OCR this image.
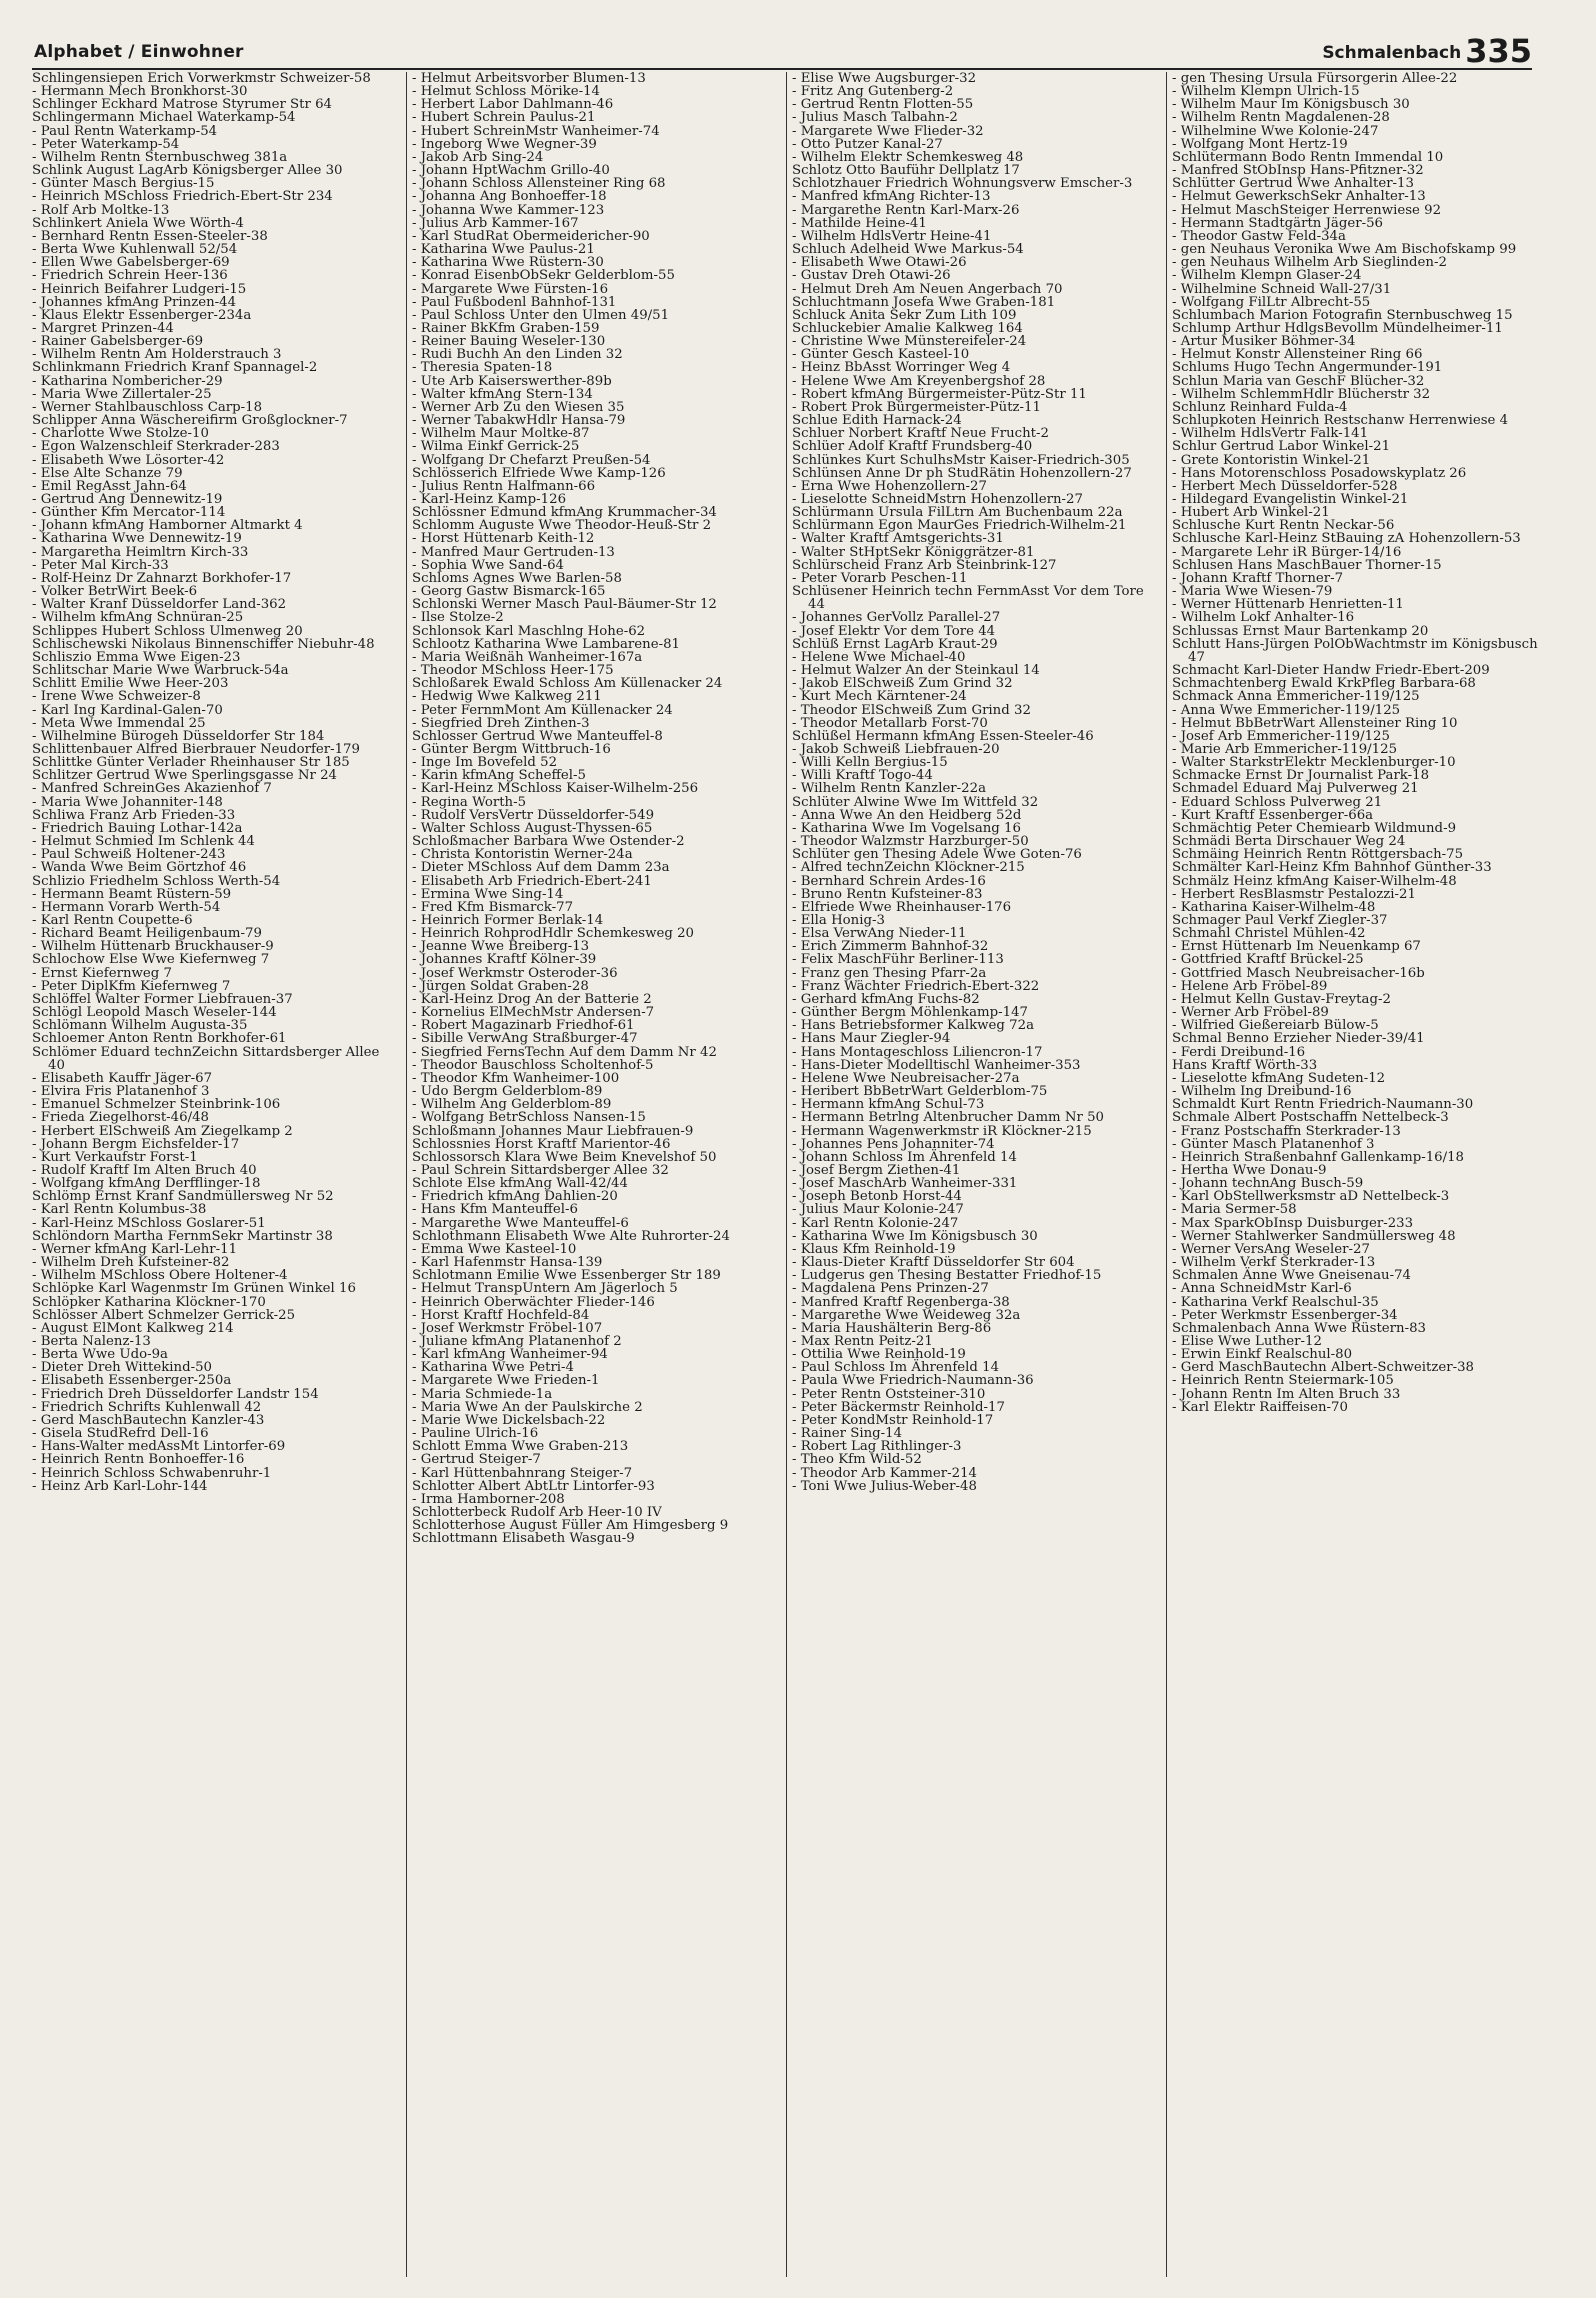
Alphabet / Einwohner	Schmalenbach 335
Schlingensiepen Erich Vorwerkmstr Schweizer-58
- Hermann Mech Bronkhorst-30
Schlinger Eckhard Matrose Styrumer Str 64
Schlingermann Michael Waterkamp-54
- Paul Rentn Waterkamp-54
- Peter Waterkamp-54
- Wilhelm Rentn Sternbuschweg 381a
Schlink August LagArb Königsberger Allee 30
- Günter Masch Bergius-15
- Heinrich MSchloss Friedrich-Ebert-Str 234
- Rolf Arb Moltke-13
Schlinkert Aniela Wwe Wörth-4
- Bernhard Rentn Essen-Steeler-38
- Berta Wwe Kuhlenwall 52/54
- Ellen Wwe Gabelsberger-69
- Friedrich Schrein Heer-136
- Heinrich Beifahrer Ludgeri-15
- Johannes kfmAng Prinzen-44
- Klaus Elektr Essenberger-234a
- Margret Prinzen-44
- Rainer Gabelsberger-69
- Wilhelm Rentn Am Holderstrauch 3
Schlinkmann Friedrich Kranf Spannagel-2
- Katharina Nombericher-29
- Maria Wwe Zillertaler-25
- Werner Stahlbauschloss Carp-18
Schlipper Anna Wäschereifirm Großglockner-7
- Charlotte Wwe Stolze-10
- Egon Walzenschleif Sterkrader-283
- Elisabeth Wwe Lösorter-42
- Else Alte Schanze 79
- Emil RegAsst Jahn-64
- Gertrud Ang Dennewitz-19
- Günther Kfm Mercator-114
- Johann kfmAng Hamborner Altmarkt 4
- Katharina Wwe Dennewitz-19
- Margaretha Heimltrn Kirch-33
- Peter Mal Kirch-33
- Rolf-Heinz Dr Zahnarzt Borkhofer-17
- Volker BetrWirt Beek-6
- Walter Kranf Düsseldorfer Land-362
- Wilhelm kfmAng Schnüran-25
Schlippes Hubert Schloss Ulmenweg 20
Schlischewski Nikolaus Binnenschiffer Niebuhr-48
Schliszio Emma Wwe Eigen-23
Schlitschar Marie Wwe Warbruck-54a
Schlitt Emilie Wwe Heer-203
- Irene Wwe Schweizer-8
- Karl Ing Kardinal-Galen-70
- Meta Wwe Immendal 25
- Wilhelmine Bürogeh Düsseldorfer Str 184
Schlittenbauer Alfred Bierbrauer Neudorfer-179
Schlittke Günter Verlader Rheinhauser Str 185
Schlitzer Gertrud Wwe Sperlingsgasse Nr 24
- Manfred SchreinGes Akazienhof 7
- Maria Wwe Johanniter-148
Schliwa Franz Arb Frieden-33
- Friedrich Bauing Lothar-142a
- Helmut Schmied Im Schlenk 44
- Paul Schweiß Holtener-243
- Wanda Wwe Beim Görtzhof 46
Schlizio Friedhelm Schloss Werth-54
- Hermann Beamt Rüstern-59
- Hermann Vorarb Werth-54
- Karl Rentn Coupette-6
- Richard Beamt Heiligenbaum-79
- Wilhelm Hüttenarb Bruckhauser-9
Schlochow Else Wwe Kiefernweg 7
- Ernst Kiefernweg 7
- Peter DiplKfm Kiefernweg 7
Schlöffel Walter Former Liebfrauen-37
Schlögl Leopold Masch Weseler-144
Schlömann Wilhelm Augusta-35
Schloemer Anton Rentn Borkhofer-61
Schlömer Eduard technZeichn Sittardsberger Allee 40
- Elisabeth Kauffr Jäger-67
- Elvira Fris Platanenhof 3
- Emanuel Schmelzer Steinbrink-106
- Frieda Ziegelhorst-46/48
- Herbert ElSchweiß Am Ziegelkamp 2
- Johann Bergm Eichsfelder-17
- Kurt Verkaufstr Forst-1
- Rudolf Kraftf Im Alten Bruch 40
- Wolfgang kfmAng Derfflinger-18
Schlömp Ernst Kranf Sandmüllersweg Nr 52
- Karl Rentn Kolumbus-38
- Karl-Heinz MSchloss Goslarer-51
Schlöndorn Martha FernmSekr Martinstr 38
- Werner kfmAng Karl-Lehr-11
- Wilhelm Dreh Kufsteiner-82
- Wilhelm MSchloss Obere Holtener-4
Schlöpke Karl Wagenmstr Im Grünen Winkel 16
Schlöpker Katharina Klöckner-170
Schlösser Albert Schmelzer Gerrick-25
- August ElMont Kalkweg 214
- Berta Nalenz-13
- Berta Wwe Udo-9a
- Dieter Dreh Wittekind-50
- Elisabeth Essenberger-250a
- Friedrich Dreh Düsseldorfer Landstr 154
- Friedrich Schrifts Kuhlenwall 42
- Gerd MaschBautechn Kanzler-43
- Gisela StudRefrd Dell-16
- Hans-Walter medAssMt Lintorfer-69
- Heinrich Rentn Bonhoeffer-16
- Heinrich Schloss Schwabenruhr-1
- Heinz Arb Karl-Lohr-144
- Helmut Arbeitsvorber Blumen-13
- Helmut Schloss Mörike-14
- Herbert Labor Dahlmann-46
- Hubert Schrein Paulus-21
- Hubert SchreinMstr Wanheimer-74
- Ingeborg Wwe Wegner-39
- Jakob Arb Sing-24
- Johann HptWachm Grillo-40
- Johann Schloss Allensteiner Ring 68
- Johanna Ang Bonhoeffer-18
- Johanna Wwe Kammer-123
- Julius Arb Kammer-167
- Karl StudRat Obermeidericher-90
- Katharina Wwe Paulus-21
- Katharina Wwe Rüstern-30
- Konrad EisenbObSekr Gelderblom-55
- Margarete Wwe Fürsten-16
- Paul Fußbodenl Bahnhof-131
- Paul Schloss Unter den Ulmen 49/51
- Rainer BkKfm Graben-159
- Reiner Bauing Weseler-130
- Rudi Buchh An den Linden 32
- Theresia Spaten-18
- Ute Arb Kaiserswerther-89b
- Walter kfmAng Stern-134
- Werner Arb Zu den Wiesen 35
- Werner TabakwHdlr Hansa-79
- Wilhelm Maur Moltke-87
- Wilma Einkf Gerrick-25
- Wolfgang Dr Chefarzt Preußen-54
Schlösserich Elfriede Wwe Kamp-126
- Julius Rentn Halfmann-66
- Karl-Heinz Kamp-126
Schlössner Edmund kfmAng Krummacher-34
Schlomm Auguste Wwe Theodor-Heuß-Str 2
- Horst Hüttenarb Keith-12
- Manfred Maur Gertruden-13
- Sophia Wwe Sand-64
Schloms Agnes Wwe Barlen-58
- Georg Gastw Bismarck-165
Schlonski Werner Masch Paul-Bäumer-Str 12
- Ilse Stolze-2
Schlonsok Karl Maschlng Hohe-62
Schlootz Katharina Wwe Lambarene-81
- Maria Weißnäh Wanheimer-167a
- Theodor MSchloss Heer-175
Schloßarek Ewald Schloss Am Küllenacker 24
- Hedwig Wwe Kalkweg 211
- Peter FernmMont Am Küllenacker 24
- Siegfried Dreh Zinthen-3
Schlosser Gertrud Wwe Manteuffel-8
- Günter Bergm Wittbruch-16
- Inge Im Bovefeld 52
- Karin kfmAng Scheffel-5
- Karl-Heinz MSchloss Kaiser-Wilhelm-256
- Regina Worth-5
- Rudolf VersVertr Düsseldorfer-549
- Walter Schloss August-Thyssen-65
Schloßmacher Barbara Wwe Ostender-2
- Christa Kontoristin Werner-24a
- Dieter MSchloss Auf dem Damm 23a
- Elisabeth Arb Friedrich-Ebert-241
- Ermina Wwe Sing-14
- Fred Kfm Bismarck-77
- Heinrich Former Berlak-14
- Heinrich RohprodHdlr Schemkesweg 20
- Jeanne Wwe Breiberg-13
- Johannes Kraftf Kölner-39
- Josef Werkmstr Osteroder-36
- Jürgen Soldat Graben-28
- Karl-Heinz Drog An der Batterie 2
- Kornelius ElMechMstr Andersen-7
- Robert Magazinarb Friedhof-61
- Sibille VerwAng Straßburger-47
- Siegfried FernsTechn Auf dem Damm Nr 42
- Theodor Bauschloss Scholtenhof-5
- Theodor Kfm Wanheimer-100
- Udo Bergm Gelderblom-89
- Wilhelm Ang Gelderblom-89
- Wolfgang BetrSchloss Nansen-15
Schloßmann Johannes Maur Liebfrauen-9
Schlossnies Horst Kraftf Marientor-46
Schlossorsch Klara Wwe Beim Knevelshof 50
- Paul Schrein Sittardsberger Allee 32
Schlote Else kfmAng Wall-42/44
- Friedrich kfmAng Dahlien-20
- Hans Kfm Manteuffel-6
- Margarethe Wwe Manteuffel-6
Schlothmann Elisabeth Wwe Alte Ruhrorter-24
- Emma Wwe Kasteel-10
- Karl Hafenmstr Hansa-139
Schlotmann Emilie Wwe Essenberger Str 189
- Helmut TranspUntern Am Jägerloch 5
- Heinrich Oberwächter Flieder-146
- Horst Kraftf Hochfeld-84
- Josef Werkmstr Fröbel-107
- Juliane kfmAng Platanenhof 2
- Karl kfmAng Wanheimer-94
- Katharina Wwe Petri-4
- Margarete Wwe Frieden-1
- Maria Schmiede-1a
- Maria Wwe An der Paulskirche 2
- Marie Wwe Dickelsbach-22
- Pauline Ulrich-16
Schlott Emma Wwe Graben-213
- Gertrud Steiger-7
- Karl Hüttenbahnrang Steiger-7
Schlotter Albert AbtLtr Lintorfer-93
- Irma Hamborner-208
Schlotterbeck Rudolf Arb Heer-10 IV
Schlotterhose August Füller Am Himgesberg 9
Schlottmann Elisabeth Wasgau-9
- Elise Wwe Augsburger-32
- Fritz Ang Gutenberg-2
- Gertrud Rentn Flotten-55
- Julius Masch Talbahn-2
- Margarete Wwe Flieder-32
- Otto Putzer Kanal-27
- Wilhelm Elektr Schemkesweg 48
Schlotz Otto Bauführ Dellplatz 17
Schlotzhauer Friedrich Wohnungsverw Emscher-3
- Manfred kfmAng Richter-13
- Margarethe Rentn Karl-Marx-26
- Mathilde Heine-41
- Wilhelm HdlsVertr Heine-41
Schluch Adelheid Wwe Markus-54
- Elisabeth Wwe Otawi-26
- Gustav Dreh Otawi-26
- Helmut Dreh Am Neuen Angerbach 70
Schluchtmann Josefa Wwe Graben-181
Schluck Anita Sekr Zum Lith 109
Schluckebier Amalie Kalkweg 164
- Christine Wwe Münstereifeler-24
- Günter Gesch Kasteel-10
- Heinz BbAsst Worringer Weg 4
- Helene Wwe Am Kreyenbergshof 28
- Robert kfmAng Bürgermeister-Pütz-Str 11
- Robert Prok Bürgermeister-Pütz-11
Schlue Edith Harnack-24
Schluer Norbert Kraftf Neue Frucht-2
Schlüer Adolf Kraftf Frundsberg-40
Schlünkes Kurt SchulhsMstr Kaiser-Friedrich-305
Schlünsen Anne Dr ph StudRätin Hohenzollern-27
- Erna Wwe Hohenzollern-27
- Lieselotte SchneidMstrn Hohenzollern-27
Schlürmann Ursula FilLtrn Am Buchenbaum 22a
Schlürmann Egon MaurGes Friedrich-Wilhelm-21
- Walter Kraftf Amtsgerichts-31
- Walter StHptSekr Königgrätzer-81
Schlürscheid Franz Arb Steinbrink-127
- Peter Vorarb Peschen-11
Schlüsener Heinrich techn FernmAsst Vor dem Tore 44
- Johannes GerVollz Parallel-27
- Josef Elektr Vor dem Tore 44
Schlüß Ernst LagArb Kraut-29
- Helene Wwe Michael-40
- Helmut Walzer An der Steinkaul 14
- Jakob ElSchweiß Zum Grind 32
- Kurt Mech Kärntener-24
- Theodor ElSchweiß Zum Grind 32
- Theodor Metallarb Forst-70
Schlüßel Hermann kfmAng Essen-Steeler-46
- Jakob Schweiß Liebfrauen-20
- Willi Kelln Bergius-15
- Willi Kraftf Togo-44
- Wilhelm Rentn Kanzler-22a
Schlüter Alwine Wwe Im Wittfeld 32
- Anna Wwe An den Heidberg 52d
- Katharina Wwe Im Vogelsang 16
- Theodor Walzmstr Harzburger-50
Schlüter gen Thesing Adele Wwe Goten-76
- Alfred technZeichn Klöckner-215
- Bernhard Schrein Ardes-16
- Bruno Rentn Kufsteiner-83
- Elfriede Wwe Rheinhauser-176
- Ella Honig-3
- Elsa VerwAng Nieder-11
- Erich Zimmerm Bahnhof-32
- Felix MaschFühr Berliner-113
- Franz gen Thesing Pfarr-2a
- Franz Wächter Friedrich-Ebert-322
- Gerhard kfmAng Fuchs-82
- Günther Bergm Möhlenkamp-147
- Hans Betriebsformer Kalkweg 72a
- Hans Maur Ziegler-94
- Hans Montageschloss Liliencron-17
- Hans-Dieter Modelltischl Wanheimer-353
- Helene Wwe Neubreisacher-27a
- Heribert BbBetrWart Gelderblom-75
- Hermann kfmAng Schul-73
- Hermann Betrlng Altenbrucher Damm Nr 50
- Hermann Wagenwerkmstr iR Klöckner-215
- Johannes Pens Johanniter-74
- Johann Schloss Im Ährenfeld 14
- Josef Bergm Ziethen-41
- Josef MaschArb Wanheimer-331
- Joseph Betonb Horst-44
- Julius Maur Kolonie-247
- Karl Rentn Kolonie-247
- Katharina Wwe Im Königsbusch 30
- Klaus Kfm Reinhold-19
- Klaus-Dieter Kraftf Düsseldorfer Str 604
- Ludgerus gen Thesing Bestatter Friedhof-15
- Magdalena Pens Prinzen-27
- Manfred Kraftf Regenberga-38
- Margarethe Wwe Weideweg 32a
- Maria Haushälterin Berg-86
- Max Rentn Peitz-21
- Ottilia Wwe Reinhold-19
- Paul Schloss Im Ährenfeld 14
- Paula Wwe Friedrich-Naumann-36
- Peter Rentn Oststeiner-310
- Peter Bäckermstr Reinhold-17
- Peter KondMstr Reinhold-17
- Rainer Sing-14
- Robert Lag Rithlinger-3
- Theo Kfm Wild-52
- Theodor Arb Kammer-214
- Toni Wwe Julius-Weber-48
- gen Thesing Ursula Fürsorgerin Allee-22
- Wilhelm Klempn Ulrich-15
- Wilhelm Maur Im Königsbusch 30
- Wilhelm Rentn Magdalenen-28
- Wilhelmine Wwe Kolonie-247
- Wolfgang Mont Hertz-19
Schlütermann Bodo Rentn Immendal 10
- Manfred StObInsp Hans-Pfitzner-32
Schlütter Gertrud Wwe Anhalter-13
- Helmut GewerkschSekr Anhalter-13
- Helmut MaschSteiger Herrenwiese 92
- Hermann Stadtgärtn Jäger-56
- Theodor Gastw Feld-34a
- gen Neuhaus Veronika Wwe Am Bischofskamp 99
- gen Neuhaus Wilhelm Arb Sieglinden-2
- Wilhelm Klempn Glaser-24
- Wilhelmine Schneid Wall-27/31
- Wolfgang FilLtr Albrecht-55
Schlumbach Marion Fotografin Sternbuschweg 15
Schlump Arthur HdlgsBevollm Mündelheimer-11
- Artur Musiker Böhmer-34
- Helmut Konstr Allensteiner Ring 66
Schlums Hugo Techn Angermunder-191
Schlun Maria van GeschF Blücher-32
- Wilhelm SchlemmHdlr Blücherstr 32
Schlunz Reinhard Fulda-4
Schlupkoten Heinrich Restschanw Herrenwiese 4
- Wilhelm HdlsVertr Falk-141
Schlur Gertrud Labor Winkel-21
- Grete Kontoristin Winkel-21
- Hans Motorenschloss Posadowskyplatz 26
- Herbert Mech Düsseldorfer-528
- Hildegard Evangelistin Winkel-21
- Hubert Arb Winkel-21
Schlusche Kurt Rentn Neckar-56
Schlusche Karl-Heinz StBauing zA Hohenzollern-53
- Margarete Lehr iR Bürger-14/16
Schlusen Hans MaschBauer Thorner-15
- Johann Kraftf Thorner-7
- Maria Wwe Wiesen-79
- Werner Hüttenarb Henrietten-11
- Wilhelm Lokf Anhalter-16
Schlussas Ernst Maur Bartenkamp 20
Schlutt Hans-Jürgen PolObWachtmstr im Königsbusch 47
Schmacht Karl-Dieter Handw Friedr-Ebert-209
Schmachtenberg Ewald KrkPfleg Barbara-68
Schmack Anna Emmericher-119/125
- Anna Wwe Emmericher-119/125
- Helmut BbBetrWart Allensteiner Ring 10
- Josef Arb Emmericher-119/125
- Marie Arb Emmericher-119/125
- Walter StarkstrElektr Mecklenburger-10
Schmacke Ernst Dr Journalist Park-18
Schmadel Eduard Maj Pulverweg 21
- Eduard Schloss Pulverweg 21
- Kurt Kraftf Essenberger-66a
Schmächtig Peter Chemiearb Wildmund-9
Schmädi Berta Dirschauer Weg 24
Schmäing Heinrich Rentn Röttgersbach-75
Schmälter Karl-Heinz Kfm Bahnhof Günther-33
Schmälz Heinz kfmAng Kaiser-Wilhelm-48
- Herbert ResBlasmstr Pestalozzi-21
- Katharina Kaiser-Wilhelm-48
Schmager Paul Verkf Ziegler-37
Schmahl Christel Mühlen-42
- Ernst Hüttenarb Im Neuenkamp 67
- Gottfried Kraftf Brückel-25
- Gottfried Masch Neubreisacher-16b
- Helene Arb Fröbel-89
- Helmut Kelln Gustav-Freytag-2
- Werner Arb Fröbel-89
- Wilfried Gießereiarb Bülow-5
Schmal Benno Erzieher Nieder-39/41
- Ferdi Dreibund-16
Hans Kraftf Wörth-33
- Lieselotte kfmAng Sudeten-12
- Wilhelm Ing Dreibund-16
Schmaldt Kurt Rentn Friedrich-Naumann-30
Schmale Albert Postschaffn Nettelbeck-3
- Franz Postschaffn Sterkrader-13
- Günter Masch Platanenhof 3
- Heinrich Straßenbahnf Gallenkamp-16/18
- Hertha Wwe Donau-9
- Johann technAng Busch-59
- Karl ObStellwerksmstr aD Nettelbeck-3
- Maria Sermer-58
- Max SparkObInsp Duisburger-233
- Werner Stahlwerker Sandmüllersweg 48
- Werner VersAng Weseler-27
- Wilhelm Verkf Sterkrader-13
Schmalen Änne Wwe Gneisenau-74
- Anna SchneidMstr Karl-6
- Katharina Verkf Realschul-35
- Peter Werkmstr Essenberger-34
Schmalenbach Anna Wwe Rüstern-83
- Elise Wwe Luther-12
- Erwin Einkf Realschul-80
- Gerd MaschBautechn Albert-Schweitzer-38
- Heinrich Rentn Steiermark-105
- Johann Rentn Im Alten Bruch 33
- Karl Elektr Raiffeisen-70
